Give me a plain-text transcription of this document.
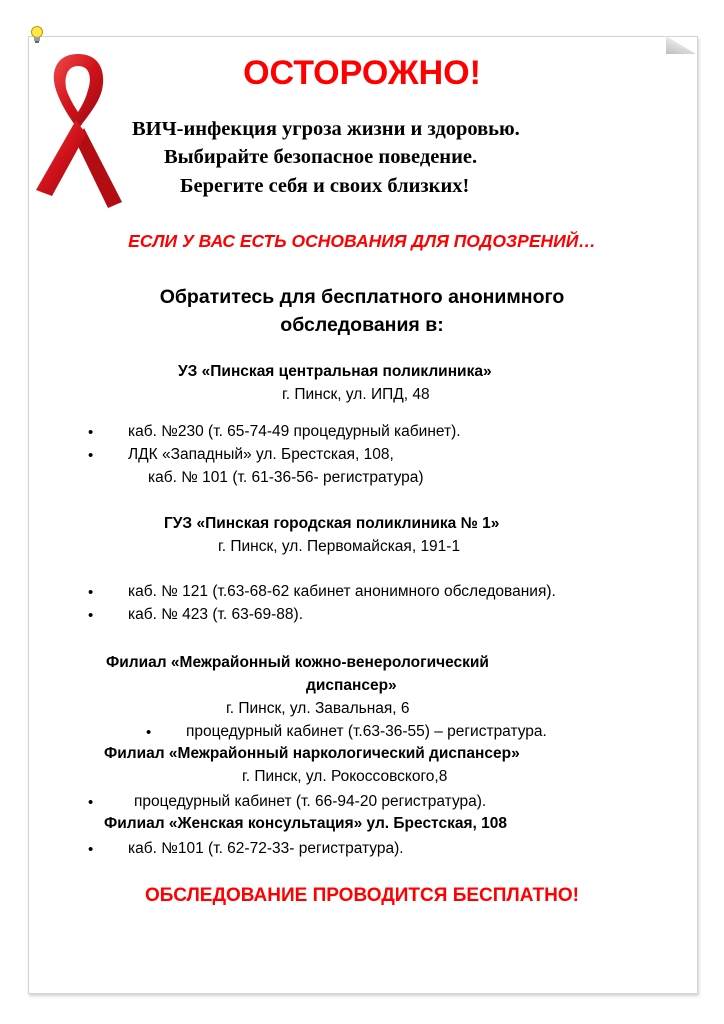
ОСТОРОЖНО!

ВИЧ-инфекция угроза жизни и здоровью.

Выбирайте безопасное поведение.

Берегите себя и своих близких!

ЕСЛИ У ВАС ЕСТЬ ОСНОВАНИЯ ДЛЯ ПОДОЗРЕНИЙ…

Обратитесь для бесплатного анонимного
обследования в:

УЗ «Пинская центральная поликлиника»

г. Пинск, ул. ИПД, 48

• каб. №230 (т. 65-74-49 процедурный кабинет).

• ЛДК «Западный» ул. Брестская, 108,

каб. № 101 (т. 61-36-56- регистратура)

ГУЗ «Пинская городская поликлиника № 1»

г. Пинск, ул. Первомайская, 191-1

• каб. № 121 (т.63-68-62 кабинет анонимного обследования).

• каб. № 423 (т. 63-69-88).

Филиал «Межрайонный кожно-венерологический

диспансер»

г. Пинск, ул. Завальная, 6

• процедурный кабинет (т.63-36-55) – регистратура.

Филиал «Межрайонный наркологический диспансер»

г. Пинск, ул. Рокоссовского,8

•	процедурный кабинет (т. 66-94-20 регистратура).

Филиал «Женская консультация» ул. Брестская, 108

• каб. №101 (т. 62-72-33- регистратура).

ОБСЛЕДОВАНИЕ ПРОВОДИТСЯ БЕСПЛАТНО!
